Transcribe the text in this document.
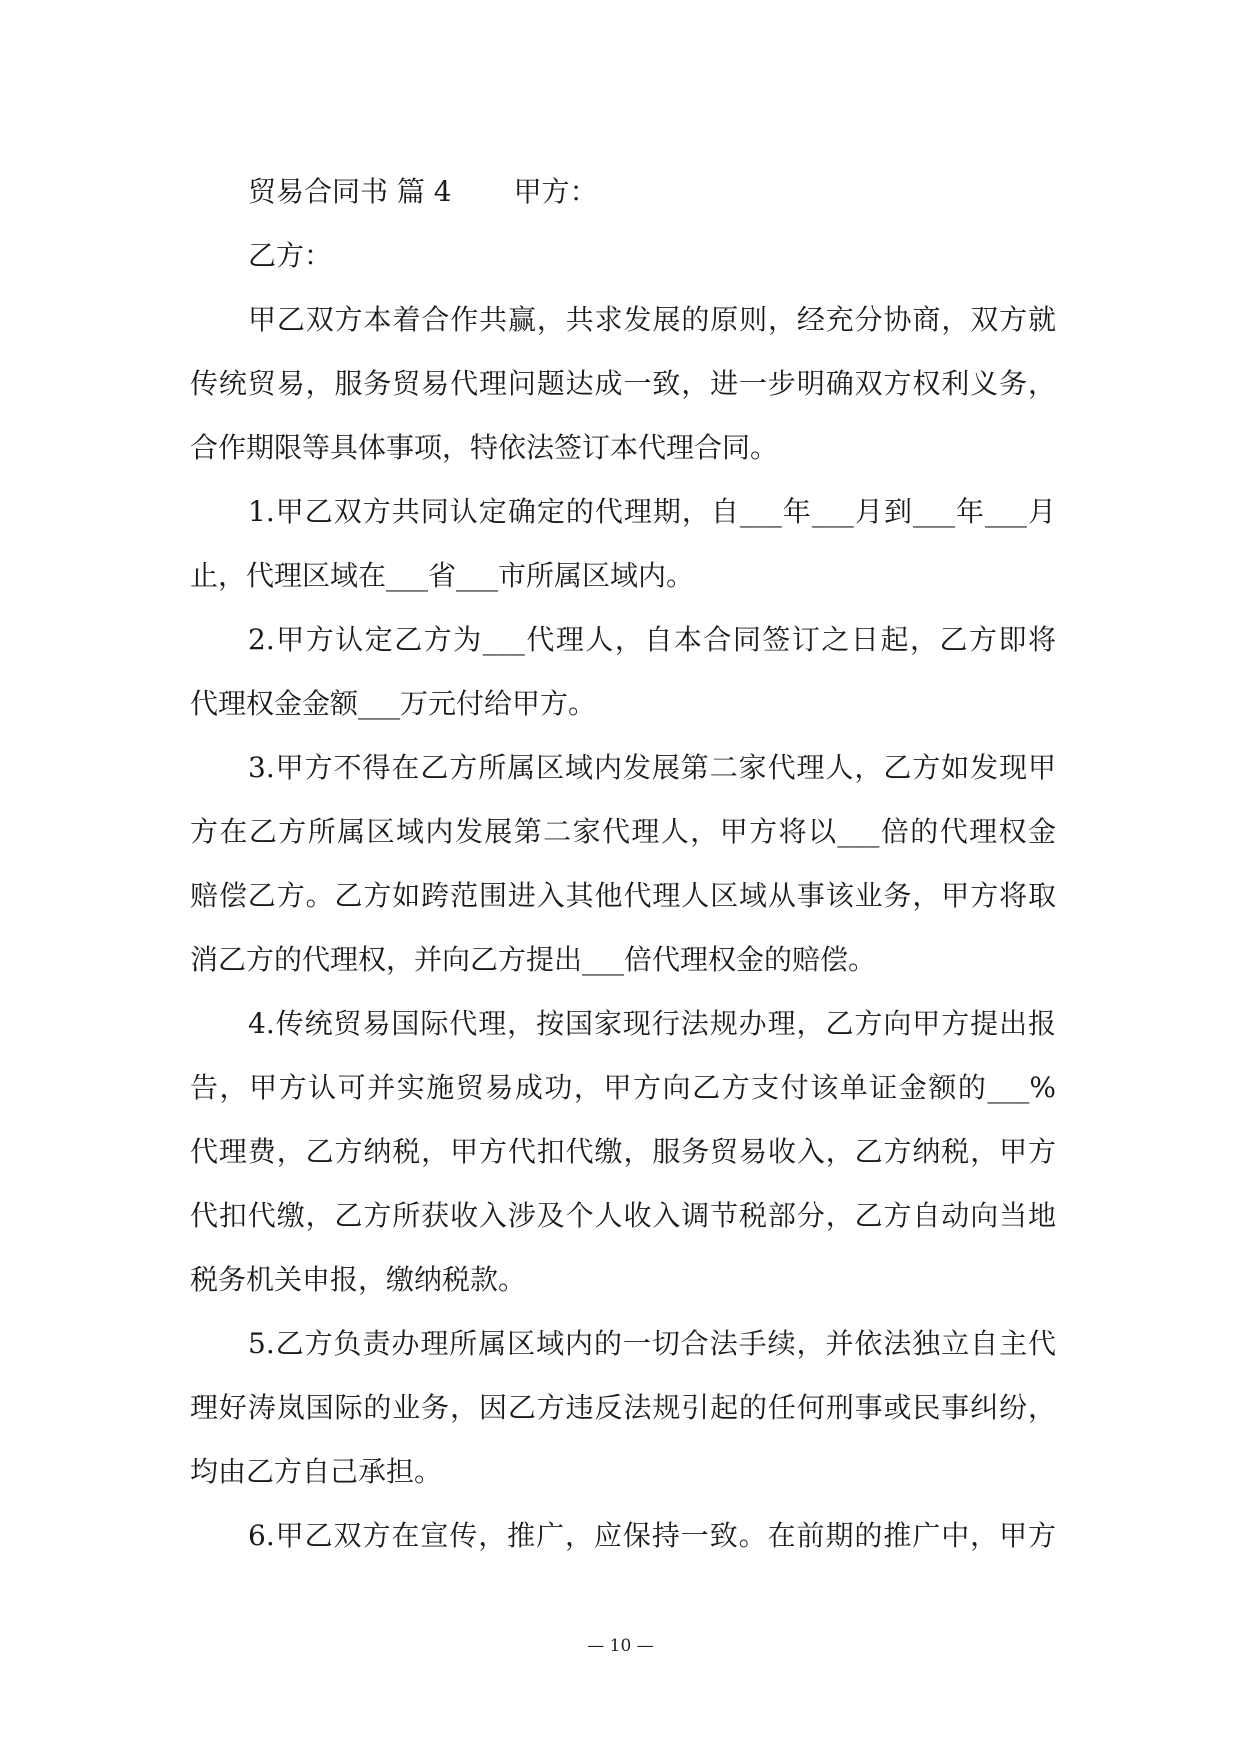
贸易合同书 篇 4 甲方：
乙方：
甲乙双方本着合作共赢，共求发展的原则，经充分协商，双方就
传统贸易，服务贸易代理问题达成一致，进一步明确双方权利义务，
合作期限等具体事项，特依法签订本代理合同。
1.甲乙双方共同认定确定的代理期，自___年___月到___年___月
止，代理区域在___省___市所属区域内。
2.甲方认定乙方为___代理人，自本合同签订之日起，乙方即将
代理权金金额___万元付给甲方。
3.甲方不得在乙方所属区域内发展第二家代理人，乙方如发现甲
方在乙方所属区域内发展第二家代理人，甲方将以___倍的代理权金
赔偿乙方。乙方如跨范围进入其他代理人区域从事该业务，甲方将取
消乙方的代理权，并向乙方提出___倍代理权金的赔偿。
4.传统贸易国际代理，按国家现行法规办理，乙方向甲方提出报
告，甲方认可并实施贸易成功，甲方向乙方支付该单证金额的___%
代理费，乙方纳税，甲方代扣代缴，服务贸易收入，乙方纳税，甲方
代扣代缴，乙方所获收入涉及个人收入调节税部分，乙方自动向当地
税务机关申报，缴纳税款。
5.乙方负责办理所属区域内的一切合法手续，并依法独立自主代
理好涛岚国际的业务，因乙方违反法规引起的任何刑事或民事纠纷，
均由乙方自己承担。
6.甲乙双方在宣传，推广，应保持一致。在前期的推广中，甲方
— 10 —
